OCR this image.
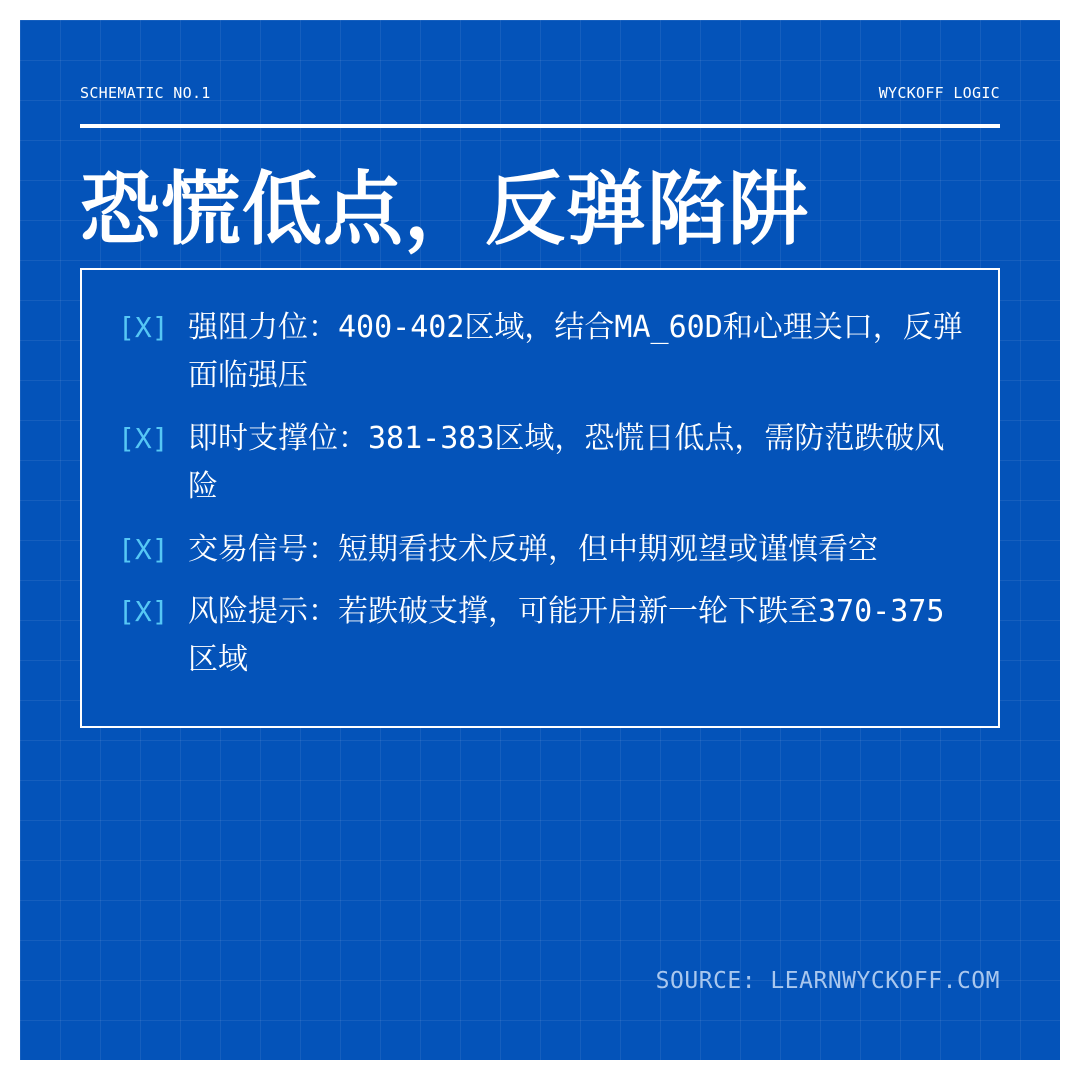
SCHEMATIC NO.1	WYCKOFF LOGIC
恐慌低点，反弹陷阱
[X] 强阻力位：400-402区域，结合MA_60D和心理关口，反弹面临强压
[X] 即时支撑位：381-383区域，恐慌日低点，需防范跌破风险
[X] 交易信号：短期看技术反弹，但中期观望或谨慎看空
[X] 风险提示：若跌破支撑，可能开启新一轮下跌至370-375区域
SOURCE: LEARNWYCKOFF.COM
